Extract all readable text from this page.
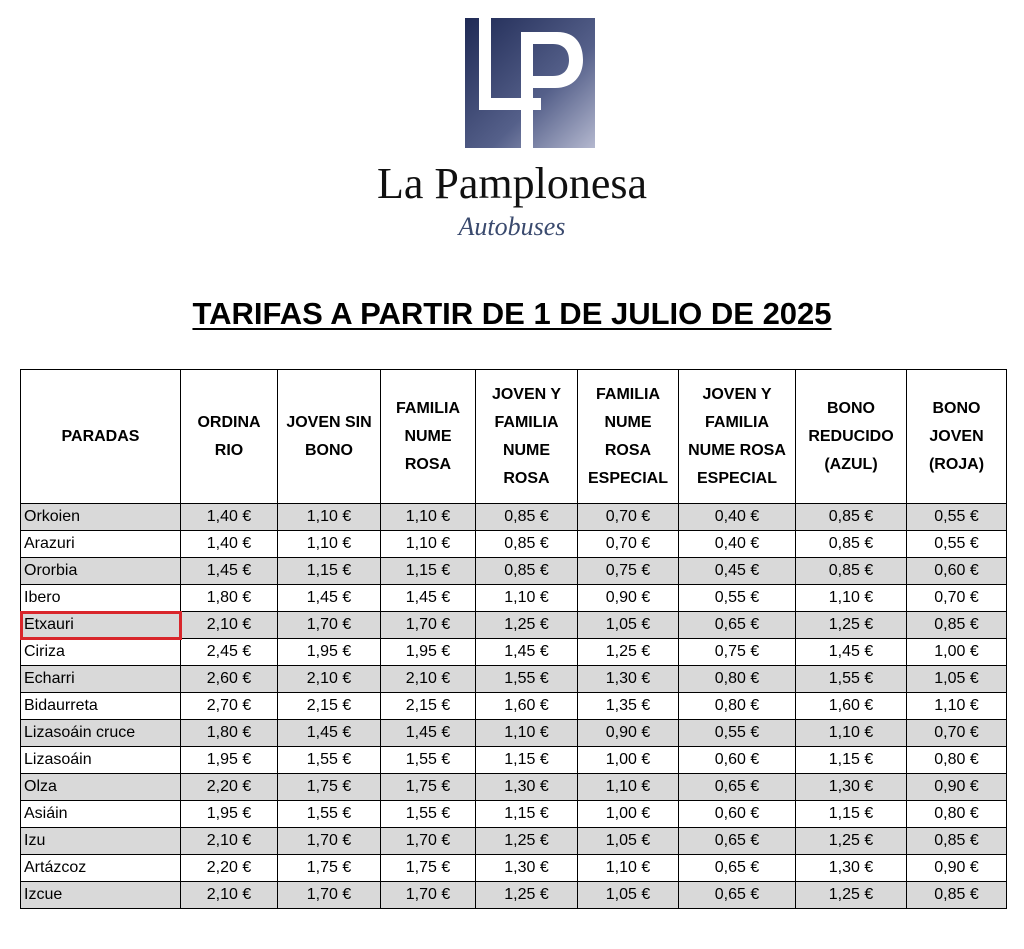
La Pamplonesa
Autobuses
TARIFAS A PARTIR DE 1 DE JULIO DE 2025
PARADAS	ORDINA RIO	JOVEN SIN BONO	FAMILIA NUME ROSA	JOVEN Y FAMILIA NUME ROSA	FAMILIA NUME ROSA ESPECIAL	JOVEN Y FAMILIA NUME ROSA ESPECIAL	BONO REDUCIDO (AZUL)	BONO JOVEN (ROJA)

Orkoien	1,40 €	1,10 €	1,10 €	0,85 €	0,70 €	0,40 €	0,85 €	0,55 €
Arazuri	1,40 €	1,10 €	1,10 €	0,85 €	0,70 €	0,40 €	0,85 €	0,55 €
Ororbia	1,45 €	1,15 €	1,15 €	0,85 €	0,75 €	0,45 €	0,85 €	0,60 €
Ibero	1,80 €	1,45 €	1,45 €	1,10 €	0,90 €	0,55 €	1,10 €	0,70 €
Etxauri	2,10 €	1,70 €	1,70 €	1,25 €	1,05 €	0,65 €	1,25 €	0,85 €
Ciriza	2,45 €	1,95 €	1,95 €	1,45 €	1,25 €	0,75 €	1,45 €	1,00 €
Echarri	2,60 €	2,10 €	2,10 €	1,55 €	1,30 €	0,80 €	1,55 €	1,05 €
Bidaurreta	2,70 €	2,15 €	2,15 €	1,60 €	1,35 €	0,80 €	1,60 €	1,10 €
Lizasoáin cruce	1,80 €	1,45 €	1,45 €	1,10 €	0,90 €	0,55 €	1,10 €	0,70 €
Lizasoáin	1,95 €	1,55 €	1,55 €	1,15 €	1,00 €	0,60 €	1,15 €	0,80 €
Olza	2,20 €	1,75 €	1,75 €	1,30 €	1,10 €	0,65 €	1,30 €	0,90 €
Asiáin	1,95 €	1,55 €	1,55 €	1,15 €	1,00 €	0,60 €	1,15 €	0,80 €
Izu	2,10 €	1,70 €	1,70 €	1,25 €	1,05 €	0,65 €	1,25 €	0,85 €
Artázcoz	2,20 €	1,75 €	1,75 €	1,30 €	1,10 €	0,65 €	1,30 €	0,90 €
Izcue	2,10 €	1,70 €	1,70 €	1,25 €	1,05 €	0,65 €	1,25 €	0,85 €
